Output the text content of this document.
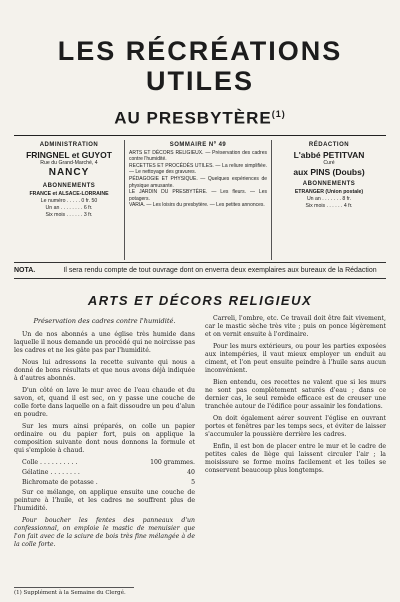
LES RÉCRÉATIONS UTILES
AU PRESBYTÈRE$^{(1)}$
ADMINISTRATION
FRINGNEL et GUYOT
Rue du Grand-Marché, 4
NANCY
ABONNEMENTS
FRANCE et ALSACE-LORRAINE
Le numéro . . . . . 0 fr. 50
Un an . . . . . . . . 6 fr.
Six mois . . . . . . 3 fr.
SOMMAIRE Nº 49
ARTS ET DÉCORS RELIGIEUX. — Préservation des cadres contre l'humidité.
RECETTES ET PROCÉDÉS UTILES. — La reliure simplifiée. — Le nettoyage des gravures.
PÉDAGOGIE ET PHYSIQUE. — Quelques expériences de physique amusante.
LE JARDIN DU PRESBYTÈRE. — Les fleurs. — Les potagers.
VARIA. — Les loisirs du presbytère. — Les petites annonces.
RÉDACTION
L'abbé PETITVAN
Curé
aux PINS (Doubs)
ABONNEMENTS
ÉTRANGER (Union postale)
Un an . . . . . . . 8 fr.
Six mois . . . . . . 4 fr.
NOTA.	Il sera rendu compte de tout ouvrage dont on enverra deux exemplaires aux bureaux de la Rédaction
ARTS ET DÉCORS RELIGIEUX
Préservation des cadres contre l'humidité.

Un de nos abonnés a une église très humide dans laquelle il nous demande un procédé qui ne noircisse pas les cadres et ne les gâte pas par l'humidité.

Nous lui adressons la recette suivante qui nous a donné de bons résultats et que nous avons déjà indiquée à d'autres abonnés.

D'un côté on lave le mur avec de l'eau chaude et du savon, et, quand il est sec, on y passe une couche de colle forte dans laquelle on a fait dissoudre un peu d'alun en poudre.

Sur les murs ainsi préparés, on colle un papier ordinaire ou du papier fort, puis on applique la composition suivante dont nous donnons la formule et qui s'emploie à chaud.

Colle . . . . . . . . . .	100 grammes.
Gélatine . . . . . . . .	40
Bichromate de potasse .	5

Sur ce mélange, on applique ensuite une couche de peinture à l'huile, et les cadres ne souffrent plus de l'humidité.

Pour boucher les fentes des panneaux d'un confessionnal, on emploie le mastic de menuisier que l'on fait avec de la sciure de bois très fine mélangée à de la colle forte.

Carreli, l'ombre, etc. Ce travail doit être fait vivement, car le mastic sèche très vite ; puis on ponce légèrement et on vernit ensuite à l'ordinaire.

Pour les murs extérieurs, ou pour les parties exposées aux intempéries, il vaut mieux employer un enduit au ciment, et l'on peut ensuite peindre à l'huile sans aucun inconvénient.

Bien entendu, ces recettes ne valent que si les murs ne sont pas complètement saturés d'eau ; dans ce dernier cas, le seul remède efficace est de creuser une tranchée autour de l'édifice pour assainir les fondations.

On doit également aérer souvent l'église en ouvrant portes et fenêtres par les temps secs, et éviter de laisser s'accumuler la poussière derrière les cadres.

Enfin, il est bon de placer entre le mur et le cadre de petites cales de liège qui laissent circuler l'air ; la moisissure se forme moins facilement et les toiles se conservent beaucoup plus longtemps.

(1) Supplément à la Semaine du Clergé.
